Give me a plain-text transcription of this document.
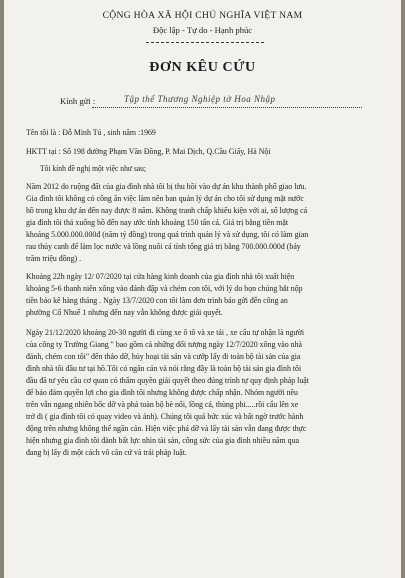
CỘNG HÒA XÃ HỘI CHỦ NGHĨA VIỆT NAM
Độc lập - Tự do - Hạnh phúc
ĐƠN KÊU CỨU
Kính gửi :	Tập thể Thương Nghiệp tờ Hoa Nhập
Tên tôi là : Đỗ Minh Tú , sinh năm :1969
HKTT tại : Số 198 đường Phạm Văn Đồng, P. Mai Dịch, Q.Cầu Giấy, Hà Nội
Tôi kính đề nghị một việc như sau;
Năm 2012 do ruộng đất của gia đình nhà tôi bị thu hồi vào dự án khu thành phố giao lưu.
Gia đình tôi không có công ăn việc làm nên ban quản lý dự án cho tôi sử dụng mặt nước
hồ trong khu dự án đến nay được 8 năm. Không tranh chấp khiếu kiện với ai, số lượng cá
gia đình tôi thả xuống hồ đến nay ước tính khoảng 150 tấn cá. Giá trị bằng tiền mặt
khoảng 5.000.000.000đ (năm tỷ đồng) trong quá trình quản lý và sử dụng, tôi có làm gian
rau thủy canh để làm lọc nước và lồng nuôi cá tính tổng giá trị bằng 700.000.000đ (bảy
trăm triệu đồng) .
Khoảng 22h ngày 12/ 07/2020 tại cửa hàng kinh doanh của gia đình nhà tôi xuất hiện
khoảng 5-6 thanh niên xông vào đánh đập và chém con tôi, với lý do bọn chúng bắt nộp
tiền bảo kê hàng tháng . Ngày 13/7/2020 con tôi làm đơn trình báo gửi đến công an
phường Cổ Nhuế 1 nhưng đến nay vẫn không được giải quyết.
Ngày 21/12/2020 khoảng 20-30 người đi cùng xe ô tô và xe tải , xe cẩu tự nhận là người
của công ty Trường Giang " bao gồm cả những đối tượng ngày 12/7/2020 xông vào nhà
đánh, chém con tôi" đến tháo dỡ, hủy hoại tài sản và cướp lấy đi toàn bộ tài sản của gia
đình nhà tôi đầu tư tại hồ.Tôi có ngăn cản và nói rằng đây là toàn bộ tài sản gia đình tôi
đầu đã tư yêu cầu cơ quan có thẩm quyền giải quyết theo đúng trình tự quy định pháp luật
để bảo đảm quyền lợi cho gia đình tôi nhưng không được chấp nhận. Nhóm người nêu
trên vẫn ngang nhiên bốc dỡ và phá toàn bộ bè nổi, lồng cá, thùng phi.....rồi cẩu lên xe
trở đi ( gia đình tôi có quay video và ảnh). Chúng tôi quá bức xúc và bất ngờ trước hành
động trên nhưng không thể ngăn cản. Hiện việc phá dỡ và lấy tài sản vẫn đang được thực
hiện nhưng gia đình tôi đành bất lực nhìn tài sản, công sức của gia đình nhiều năm qua
đang bị lấy đi một cách vô căn cứ và trái pháp luật.
